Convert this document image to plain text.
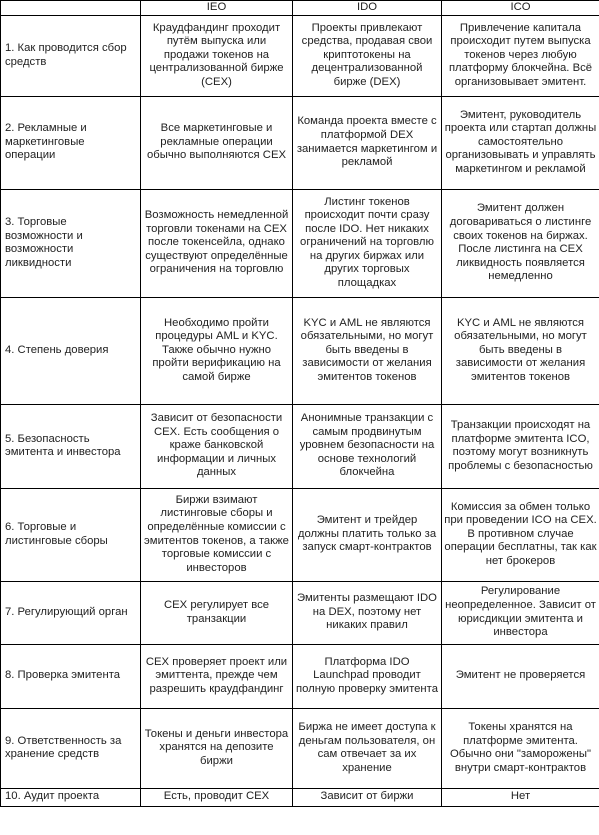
	IEO	IDO	ICO
1. Как проводится сбор средств	Краудфандинг проходит путём выпуска или продажи токенов на централизованной бирже (CEX)	Проекты привлекают средства, продавая свои криптотокены на децентрализованной бирже (DEX)	Привлечение капитала происходит путем выпуска токенов через любую платформу блокчейна. Всё организовывает эмитент.
2. Рекламные и маркетинговые операции	Все маркетинговые и рекламные операции обычно выполняются CEX	Команда проекта вместе с платформой DEX занимается маркетингом и рекламой	Эмитент, руководитель проекта или стартап должны самостоятельно организовывать и управлять маркетингом и рекламой
3. Торговые возможности и возможности ликвидности	Возможность немедленной торговли токенами на CEX после токенсейла, однако существуют определённые ограничения на торговлю	Листинг токенов происходит почти сразу после IDO. Нет никаких ограничений на торговлю на других биржах или других торговых площадках	Эмитент должен договариваться о листинге своих токенов на биржах. После листинга на CEX ликвидность появляется немедленно
4. Степень доверия	Необходимо пройти процедуры AML и KYC. Также обычно нужно пройти верификацию на самой бирже	KYC и AML не являются обязательными, но могут быть введены в зависимости от желания эмитентов токенов	KYC и AML не являются обязательными, но могут быть введены в зависимости от желания эмитентов токенов
5. Безопасность эмитента и инвестора	Зависит от безопасности CEX. Есть сообщения о краже банковской информации и личных данных	Анонимные транзакции с самым продвинутым уровнем безопасности на основе технологий блокчейна	Транзакции происходят на платформе эмитента ICO, поэтому могут возникнуть проблемы с безопасностью
6. Торговые и листинговые сборы	Биржи взимают листинговые сборы и определённые комиссии с эмитентов токенов, а также торговые комиссии с инвесторов	Эмитент и трейдер должны платить только за запуск смарт-контрактов	Комиссия за обмен только при проведении ICO на CEX. В противном случае операции бесплатны, так как нет брокеров
7. Регулирующий орган	CEX регулирует все транзакции	Эмитенты размещают IDO на DEX, поэтому нет никаких правил	Регулирование неопределенное. Зависит от юрисдикции эмитента и инвестора
8. Проверка эмитента	CEX проверяет проект или эмиттента, прежде чем разрешить краудфандинг	Платформа IDO Launchpad проводит полную проверку эмитента	Эмитент не проверяется
9. Ответственность за хранение средств	Токены и деньги инвестора хранятся на депозите биржи	Биржа не имеет доступа к деньгам пользователя, он сам отвечает за их хранение	Токены хранятся на платформе эмитента. Обычно они "заморожены" внутри смарт-контрактов
10. Аудит проекта	Есть, проводит CEX	Зависит от биржи	Нет
